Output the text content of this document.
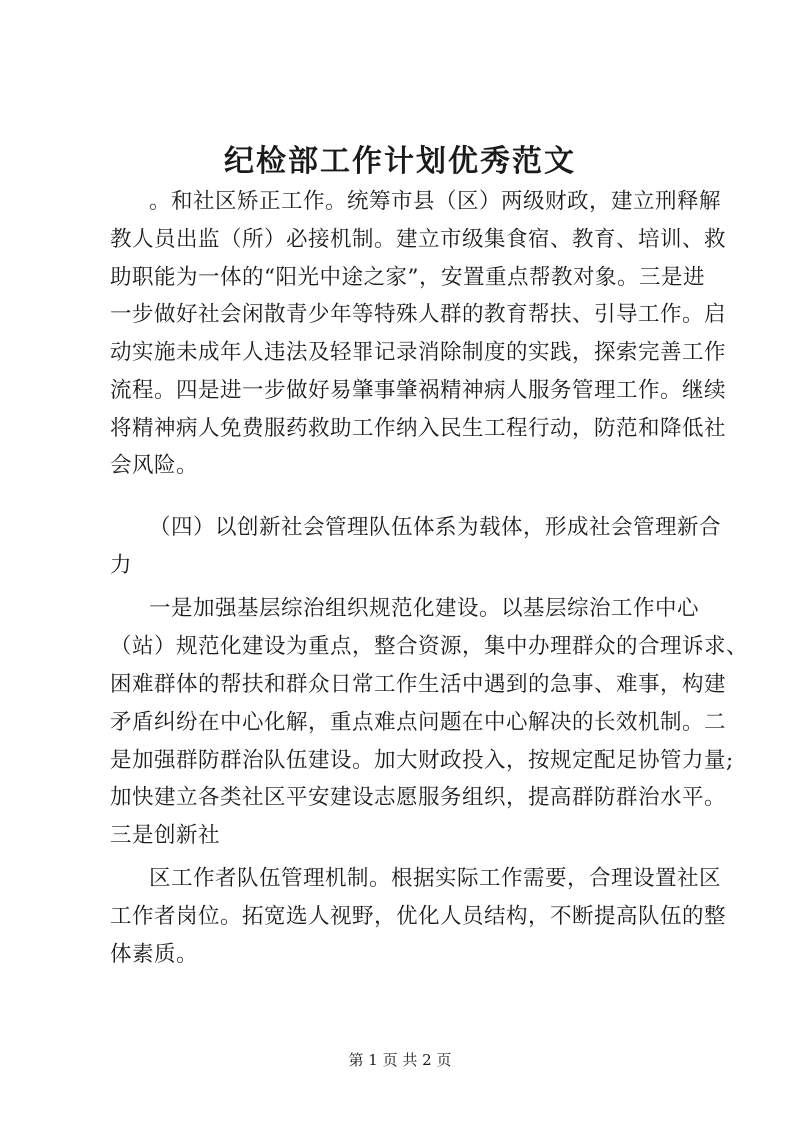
纪检部工作计划优秀范文
。和社区矫正工作。统筹市县（区）两级财政，建立刑释解
教人员出监（所）必接机制。建立市级集食宿、教育、培训、救
助职能为一体的“阳光中途之家”，安置重点帮教对象。三是进
一步做好社会闲散青少年等特殊人群的教育帮扶、引导工作。启
动实施未成年人违法及轻罪记录消除制度的实践，探索完善工作
流程。四是进一步做好易肇事肇祸精神病人服务管理工作。继续
将精神病人免费服药救助工作纳入民生工程行动，防范和降低社
会风险。
（四）以创新社会管理队伍体系为载体，形成社会管理新合
力
一是加强基层综治组织规范化建设。以基层综治工作中心
（站）规范化建设为重点，整合资源，集中办理群众的合理诉求、
困难群体的帮扶和群众日常工作生活中遇到的急事、难事，构建
矛盾纠纷在中心化解，重点难点问题在中心解决的长效机制。二
是加强群防群治队伍建设。加大财政投入，按规定配足协管力量;
加快建立各类社区平安建设志愿服务组织，提高群防群治水平。
三是创新社
区工作者队伍管理机制。根据实际工作需要，合理设置社区
工作者岗位。拓宽选人视野，优化人员结构，不断提高队伍的整
体素质。
第 1 页 共 2 页
